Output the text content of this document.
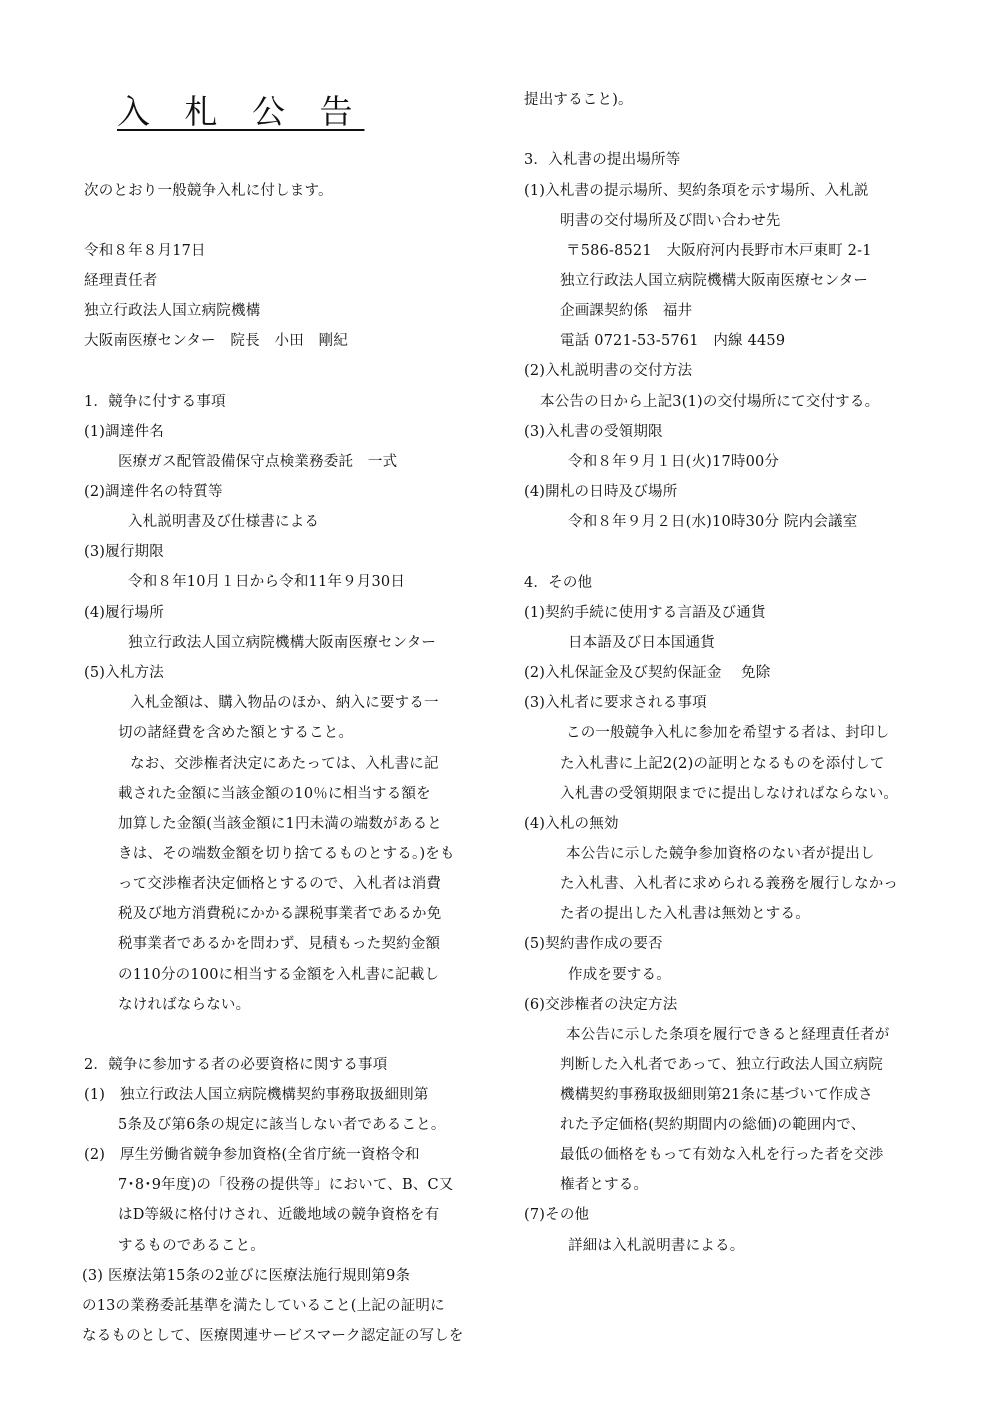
入 札 公 告
次のとおり一般競争入札に付します。
令和８年８月17日
経理責任者
独立行政法人国立病院機構
大阪南医療センター　院長　小田　剛紀
1．競争に付する事項
(1)調達件名
医療ガス配管設備保守点検業務委託　一式
(2)調達件名の特質等
入札説明書及び仕様書による
(3)履行期限
令和８年10月１日から令和11年９月30日
(4)履行場所
独立行政法人国立病院機構大阪南医療センター
(5)入札方法
入札金額は、購入物品のほか、納入に要する一
切の諸経費を含めた額とすること。
なお、交渉権者決定にあたっては、入札書に記
載された金額に当該金額の10％に相当する額を
加算した金額(当該金額に1円未満の端数があると
きは、その端数金額を切り捨てるものとする。)をも
って交渉権者決定価格とするので、入札者は消費
税及び地方消費税にかかる課税事業者であるか免
税事業者であるかを問わず、見積もった契約金額
の110分の100に相当する金額を入札書に記載し
なければならない。
2．競争に参加する者の必要資格に関する事項
(1)　独立行政法人国立病院機構契約事務取扱細則第
5条及び第6条の規定に該当しない者であること。
(2)　厚生労働省競争参加資格(全省庁統一資格令和
7･8･9年度)の「役務の提供等」において、B、C又
はD等級に格付けされ、近畿地域の競争資格を有
するものであること。
(3) 医療法第15条の2並びに医療法施行規則第9条
の13の業務委託基準を満たしていること(上記の証明に
なるものとして、医療関連サービスマーク認定証の写しを
提出すること)。
3．入札書の提出場所等
(1)入札書の提示場所、契約条項を示す場所、入札説
明書の交付場所及び問い合わせ先
〒586-8521　大阪府河内長野市木戸東町 2-1
独立行政法人国立病院機構大阪南医療センター
企画課契約係　福井
電話 0721-53-5761　内線 4459
(2)入札説明書の交付方法
本公告の日から上記3(1)の交付場所にて交付する。
(3)入札書の受領期限
令和８年９月１日(火)17時00分
(4)開札の日時及び場所
令和８年９月２日(水)10時30分 院内会議室
4．その他
(1)契約手続に使用する言語及び通貨
日本語及び日本国通貨
(2)入札保証金及び契約保証金　 免除
(3)入札者に要求される事項
この一般競争入札に参加を希望する者は、封印し
た入札書に上記2(2)の証明となるものを添付して
入札書の受領期限までに提出しなければならない。
(4)入札の無効
本公告に示した競争参加資格のない者が提出し
た入札書、入札者に求められる義務を履行しなかっ
た者の提出した入札書は無効とする。
(5)契約書作成の要否
作成を要する。
(6)交渉権者の決定方法
本公告に示した条項を履行できると経理責任者が
判断した入札者であって、独立行政法人国立病院
機構契約事務取扱細則第21条に基づいて作成さ
れた予定価格(契約期間内の総価)の範囲内で、
最低の価格をもって有効な入札を行った者を交渉
権者とする。
(7)その他
詳細は入札説明書による。
